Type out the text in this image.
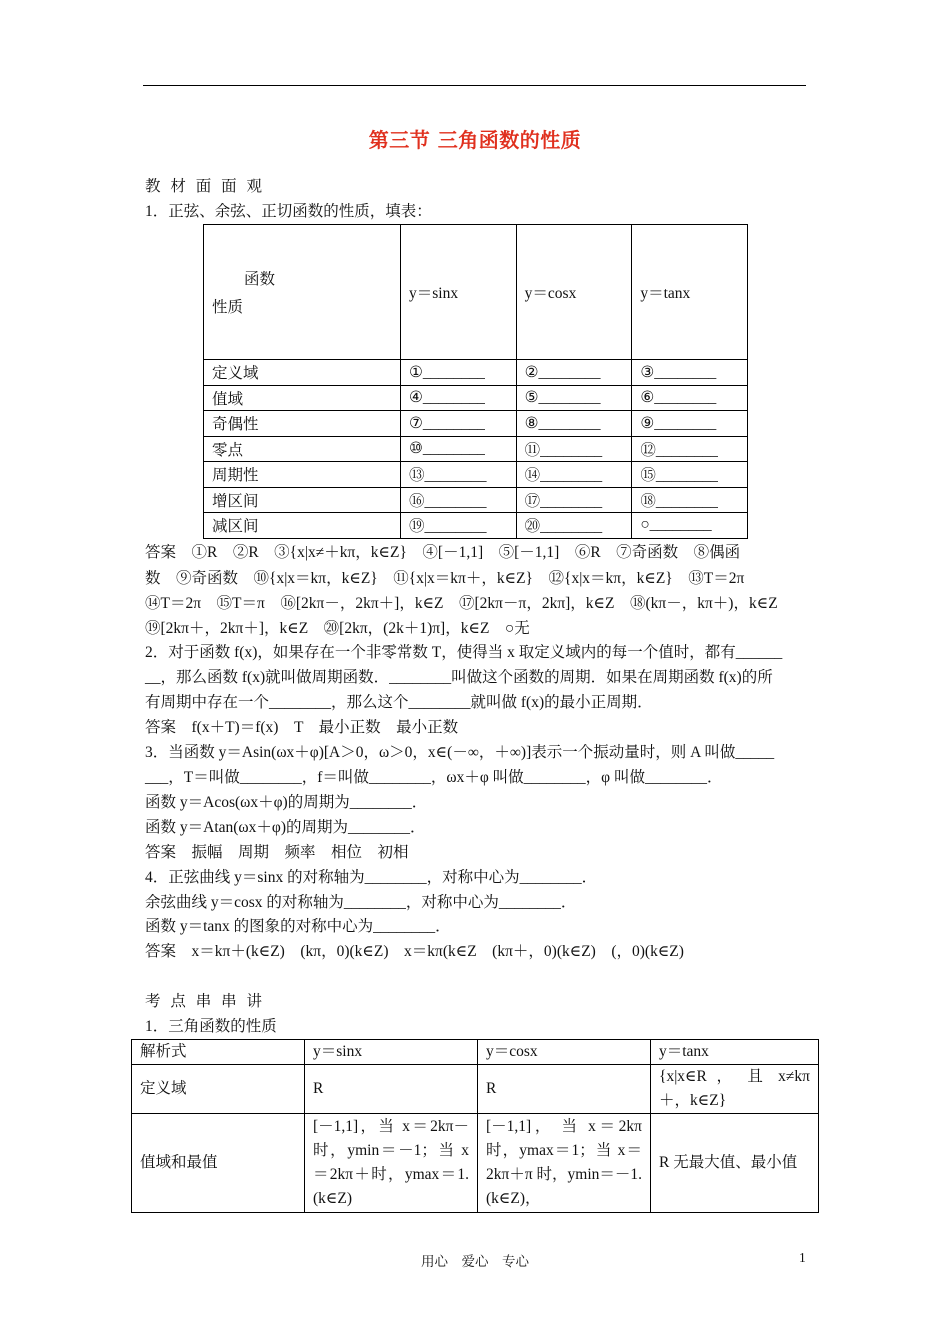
第三节 三角函数的性质
教 材 面 面 观
1．正弦、余弦、正切函数的性质，填表：
函数
性质	y＝sinx	y＝cosx	y＝tanx
定义域	①________	②________	③________
值域	④________	⑤________	⑥________
奇偶性	⑦________	⑧________	⑨________
零点	⑩________	⑪________	⑫________
周期性	⑬________	⑭________	⑮________
增区间	⑯________	⑰________	⑱________
减区间	⑲________	⑳________	○________
答案　①R　②R　③{x|x≠＋kπ，k∈Z}　④[－1,1]　⑤[－1,1]　⑥R　⑦奇函数　⑧偶函
数　⑨奇函数　⑩{x|x＝kπ，k∈Z}　⑪{x|x＝kπ＋，k∈Z}　⑫{x|x＝kπ，k∈Z}　⑬T＝2π
⑭T＝2π　⑮T＝π　⑯[2kπ－，2kπ＋]，k∈Z　⑰[2kπ－π，2kπ]，k∈Z　⑱(kπ－，kπ＋)，k∈Z
⑲[2kπ＋，2kπ＋]，k∈Z　⑳[2kπ，(2k＋1)π]，k∈Z　○无
2．对于函数 f(x)，如果存在一个非零常数 T，使得当 x 取定义域内的每一个值时，都有______
__，那么函数 f(x)就叫做周期函数．________叫做这个函数的周期．如果在周期函数 f(x)的所
有周期中存在一个________，那么这个________就叫做 f(x)的最小正周期．
答案　f(x＋T)＝f(x)　T　最小正数　最小正数
3．当函数 y＝Asin(ωx＋φ)[A＞0，ω＞0，x∈(－∞，＋∞)]表示一个振动量时，则 A 叫做_____
___，T＝叫做________，f＝叫做________，ωx＋φ 叫做________，φ 叫做________．
函数 y＝Acos(ωx＋φ)的周期为________．
函数 y＝Atan(ωx＋φ)的周期为________．
答案　振幅　周期　频率　相位　初相
4．正弦曲线 y＝sinx 的对称轴为________，对称中心为________．
余弦曲线 y＝cosx 的对称轴为________，对称中心为________．
函数 y＝tanx 的图象的对称中心为________．
答案　x＝kπ＋(k∈Z)　(kπ，0)(k∈Z)　x＝kπ(k∈Z　(kπ＋，0)(k∈Z)　(，0)(k∈Z)
考 点 串 串 讲
1．三角函数的性质
解析式	y＝sinx	y＝cosx	y＝tanx
定义域	R	R	{x|x∈R ， 且 x≠kπ＋，k∈Z}
值域和最值	[－1,1]，当 x＝2kπ－时，ymin＝－1；当 x＝2kπ＋时，ymax＝1.(k∈Z)	[－1,1]， 当 x＝2kπ时，ymax＝1；当 x＝2kπ＋π 时，ymin＝－1.(k∈Z)，	R 无最大值、最小值
用心　爱心　专心	1
